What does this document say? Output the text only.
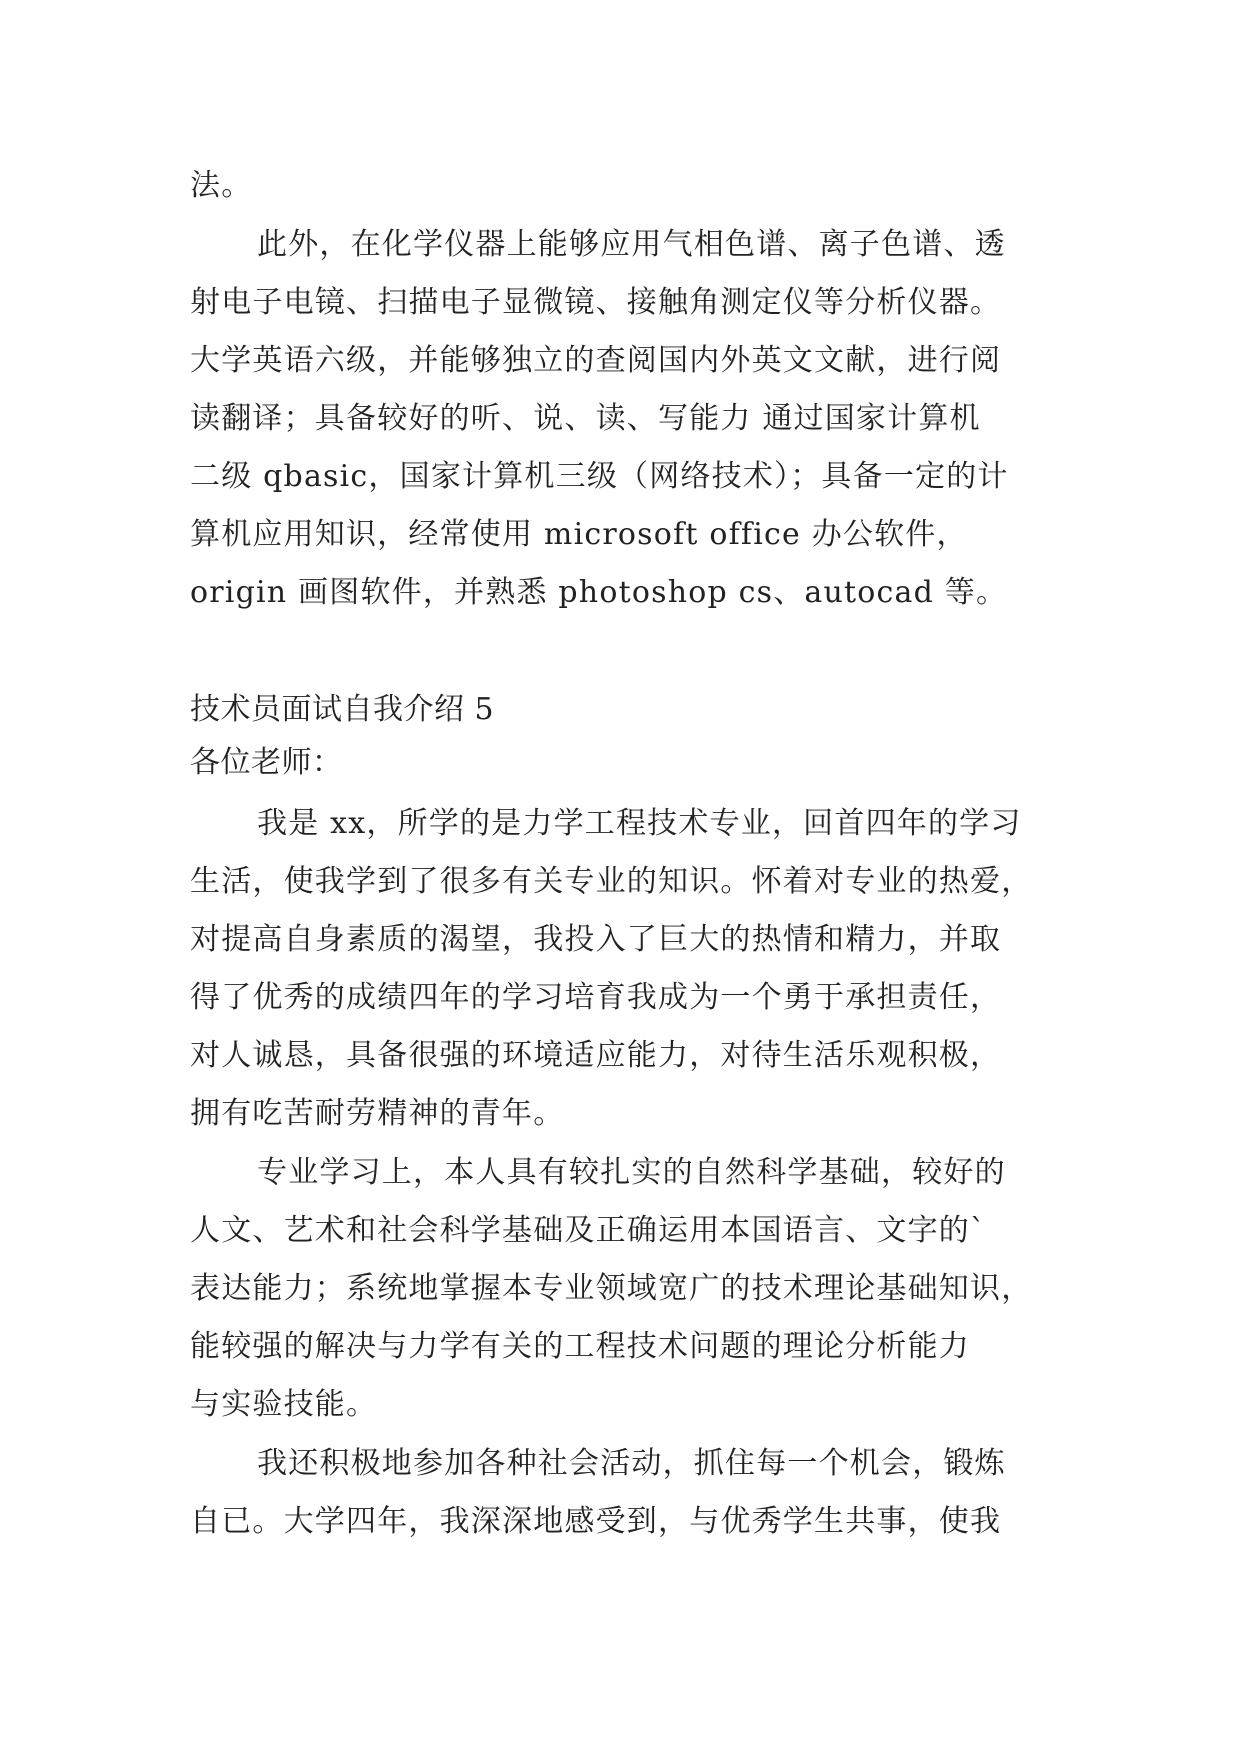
法。
此外，在化学仪器上能够应用气相色谱、离子色谱、透
射电子电镜、扫描电子显微镜、接触角测定仪等分析仪器。
大学英语六级，并能够独立的查阅国内外英文文献，进行阅
读翻译；具备较好的听、说、读、写能力 通过国家计算机
二级 qbasic，国家计算机三级（网络技术）；具备一定的计
算机应用知识，经常使用 microsoft office 办公软件，
origin 画图软件，并熟悉 photoshop cs、autocad 等。
技术员面试自我介绍 5
各位老师：
我是 xx，所学的是力学工程技术专业，回首四年的学习
生活，使我学到了很多有关专业的知识。怀着对专业的热爱，
对提高自身素质的渴望，我投入了巨大的热情和精力，并取
得了优秀的成绩四年的学习培育我成为一个勇于承担责任，
对人诚恳，具备很强的环境适应能力，对待生活乐观积极，
拥有吃苦耐劳精神的青年。
专业学习上，本人具有较扎实的自然科学基础，较好的
人文、艺术和社会科学基础及正确运用本国语言、文字的`
表达能力；系统地掌握本专业领域宽广的技术理论基础知识，
能较强的解决与力学有关的工程技术问题的理论分析能力
与实验技能。
我还积极地参加各种社会活动，抓住每一个机会，锻炼
自已。大学四年，我深深地感受到，与优秀学生共事，使我
